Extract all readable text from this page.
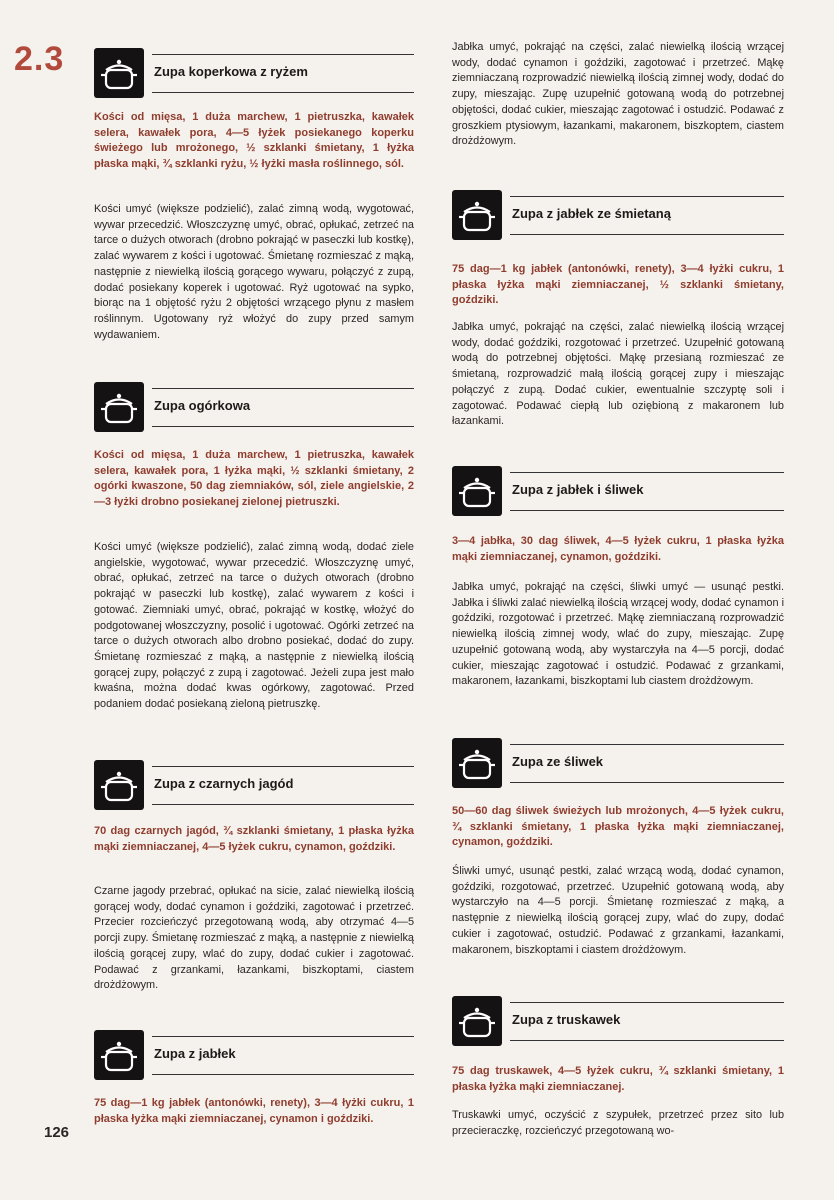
2.3	Zupa koperkowa z ryżem
Kości od mięsa, 1 duża marchew, 1 pietruszka, kawałek selera, kawałek pora, 4—5 łyżek posiekanego koperku świeżego lub mrożonego, ½ szklanki śmietany, 1 łyżka płaska mąki, ¾ szklanki ryżu, ½ łyżki masła roślinnego, sól.
Kości umyć (większe podzielić), zalać zimną wodą, wygotować, wywar przecedzić. Włoszczyznę umyć, obrać, opłukać, zetrzeć na tarce o dużych otworach (drobno pokrająć w paseczki lub kostkę), zalać wywarem z kości i ugotować. Śmietanę rozmieszać z mąką, następnie z niewielką ilością gorącego wywaru, połączyć z zupą, dodać posiekany koperek i ugotować. Ryż ugotować na sypko, biorąc na 1 objętość ryżu 2 objętości wrzącego płynu z masłem roślinnym. Ugotowany ryż włożyć do zupy przed samym wydawaniem.
Zupa ogórkowa
Kości od mięsa, 1 duża marchew, 1 pietruszka, kawałek selera, kawałek pora, 1 łyżka mąki, ½ szklanki śmietany, 2 ogórki kwaszone, 50 dag ziemniaków, sól, ziele angielskie, 2—3 łyżki drobno posiekanej zielonej pietruszki.
Kości umyć (większe podzielić), zalać zimną wodą, dodać ziele angielskie, wygotować, wywar przecedzić. Włoszczyznę umyć, obrać, opłukać, zetrzeć na tarce o dużych otworach (drobno pokrająć w paseczki lub kostkę), zalać wywarem z kości i gotować. Ziemniaki umyć, obrać, pokrająć w kostkę, włożyć do podgotowanej włoszczyzny, posolić i ugotować. Ogórki zetrzeć na tarce o dużych otworach albo drobno posiekać, dodać do zupy. Śmietanę rozmieszać z mąką, a następnie z niewielką ilością gorącej zupy, połączyć z zupą i zagotować. Jeżeli zupa jest mało kwaśna, można dodać kwas ogórkowy, zagotować. Przed podaniem dodać posiekaną zieloną pietruszkę.
Zupa z czarnych jagód
70 dag czarnych jagód, ¾ szklanki śmietany, 1 płaska łyżka mąki ziemniaczanej, 4—5 łyżek cukru, cynamon, goździki.
Czarne jagody przebrać, opłukać na sicie, zalać niewielką ilością gorącej wody, dodać cynamon i goździki, zagotować i przetrzeć. Przecier rozcieńczyć przegotowaną wodą, aby otrzymać 4—5 porcji zupy. Śmietanę rozmieszać z mąką, a następnie z niewielką ilością gorącej zupy, wlać do zupy, dodać cukier i zagotować. Podawać z grzankami, łazankami, biszkoptami, ciastem drożdżowym.
Zupa z jabłek
75 dag—1 kg jabłek (antonówki, renety), 3—4 łyżki cukru, 1 płaska łyżka mąki ziemniaczanej, cynamon i goździki.
Jabłka umyć, pokrająć na części, zalać niewielką ilością wrzącej wody, dodać cynamon i goździki, zagotować i przetrzeć. Mąkę ziemniaczaną rozprowadzić niewielką ilością zimnej wody, dodać do zupy, mieszając. Zupę uzupełnić gotowaną wodą do potrzebnej objętości, dodać cukier, mieszając zagotować i ostudzić. Podawać z groszkiem ptysiowym, łazankami, makaronem, biszkoptem, ciastem drożdżowym.
Zupa z jabłek ze śmietaną
75 dag—1 kg jabłek (antonówki, renety), 3—4 łyżki cukru, 1 płaska łyżka mąki ziemniaczanej, ½ szklanki śmietany, goździki.
Jabłka umyć, pokrająć na części, zalać niewielką ilością wrzącej wody, dodać goździki, rozgotować i przetrzeć. Uzupełnić gotowaną wodą do potrzebnej objętości. Mąkę przesianą rozmieszać ze śmietaną, rozprowadzić małą ilością gorącej zupy i mieszając połączyć z zupą. Dodać cukier, ewentualnie szczyptę soli i zagotować. Podawać ciepłą lub oziębioną z makaronem lub łazankami.
Zupa z jabłek i śliwek
3—4 jabłka, 30 dag śliwek, 4—5 łyżek cukru, 1 płaska łyżka mąki ziemniaczanej, cynamon, goździki.
Jabłka umyć, pokrająć na części, śliwki umyć — usunąć pestki. Jabłka i śliwki zalać niewielką ilością wrzącej wody, dodać cynamon i goździki, rozgotować i przetrzeć. Mąkę ziemniaczaną rozprowadzić niewielką ilością zimnej wody, wlać do zupy, mieszając. Zupę uzupełnić gotowaną wodą, aby wystarczyła na 4—5 porcji, dodać cukier, mieszając zagotować i ostudzić. Podawać z grzankami, makaronem, łazankami, biszkoptami lub ciastem drożdżowym.
Zupa ze śliwek
50—60 dag śliwek świeżych lub mrożonych, 4—5 łyżek cukru, ¾ szklanki śmietany, 1 płaska łyżka mąki ziemniaczanej, cynamon, goździki.
Śliwki umyć, usunąć pestki, zalać wrzącą wodą, dodać cynamon, goździki, rozgotować, przetrzeć. Uzupełnić gotowaną wodą, aby wystarczyło na 4—5 porcji. Śmietanę rozmieszać z mąką, a następnie z niewielką ilością gorącej zupy, wlać do zupy, dodać cukier i zagotować, ostudzić. Podawać z grzankami, łazankami, makaronem, biszkoptami i ciastem drożdżowym.
Zupa z truskawek
75 dag truskawek, 4—5 łyżek cukru, ¾ szklanki śmietany, 1 płaska łyżka mąki ziemniaczanej.
Truskawki umyć, oczyścić z szypułek, przetrzeć przez sito lub przecieraczkę, rozcieńczyć przegotowaną wo-
126
